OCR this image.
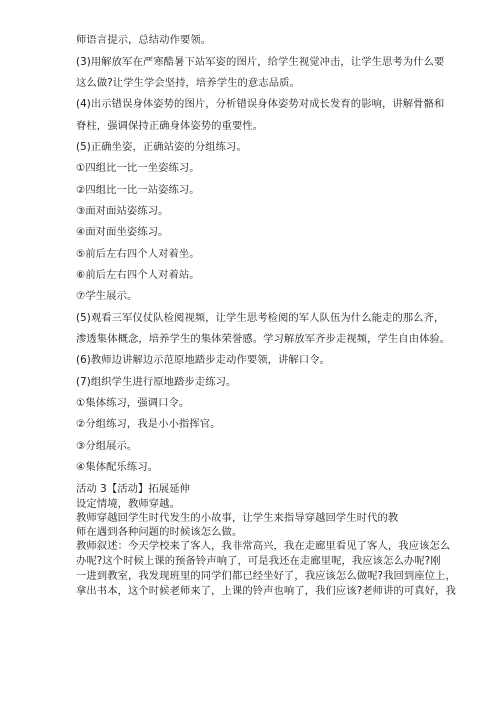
师语言提示，总结动作要领。
(3)用解放军在严寒酷暑下站军姿的图片，给学生视觉冲击，让学生思考为什么要
这么做?让学生学会坚持，培养学生的意志品质。
(4)出示错误身体姿势的图片，分析错误身体姿势对成长发育的影响，讲解骨骼和
脊柱，强调保持正确身体姿势的重要性。
(5)正确坐姿，正确站姿的分组练习。
①四组比一比一坐姿练习。
②四组比一比一站姿练习。
③面对面站姿练习。
④面对面坐姿练习。
⑤前后左右四个人对着坐。
⑥前后左右四个人对着站。
⑦学生展示。
(5)观看三军仪仗队检阅视频，让学生思考检阅的军人队伍为什么能走的那么齐，
渗透集体概念，培养学生的集体荣誉感。学习解放军齐步走视频，学生自由体验。
(6)教师边讲解边示范原地踏步走动作要领，讲解口令。
(7)组织学生进行原地踏步走练习。
①集体练习，强调口令。
②分组练习，我是小小指挥官。
③分组展示。
④集体配乐练习。
活动 3【活动】拓展延伸
设定情境，教师穿越。
教师穿越回学生时代发生的小故事，让学生来指导穿越回学生时代的教
师在遇到各种问题的时候该怎么做。
教师叙述：今天学校来了客人，我非常高兴，我在走廊里看见了客人，我应该怎么
办呢?这个时候上课的预备铃声响了，可是我还在走廊里呢，我应该怎么办呢?刚
一进到教室，我发现班里的同学们都已经坐好了，我应该怎么做呢?我回到座位上，
拿出书本，这个时候老师来了，上课的铃声也响了，我们应该?老师讲的可真好，我
